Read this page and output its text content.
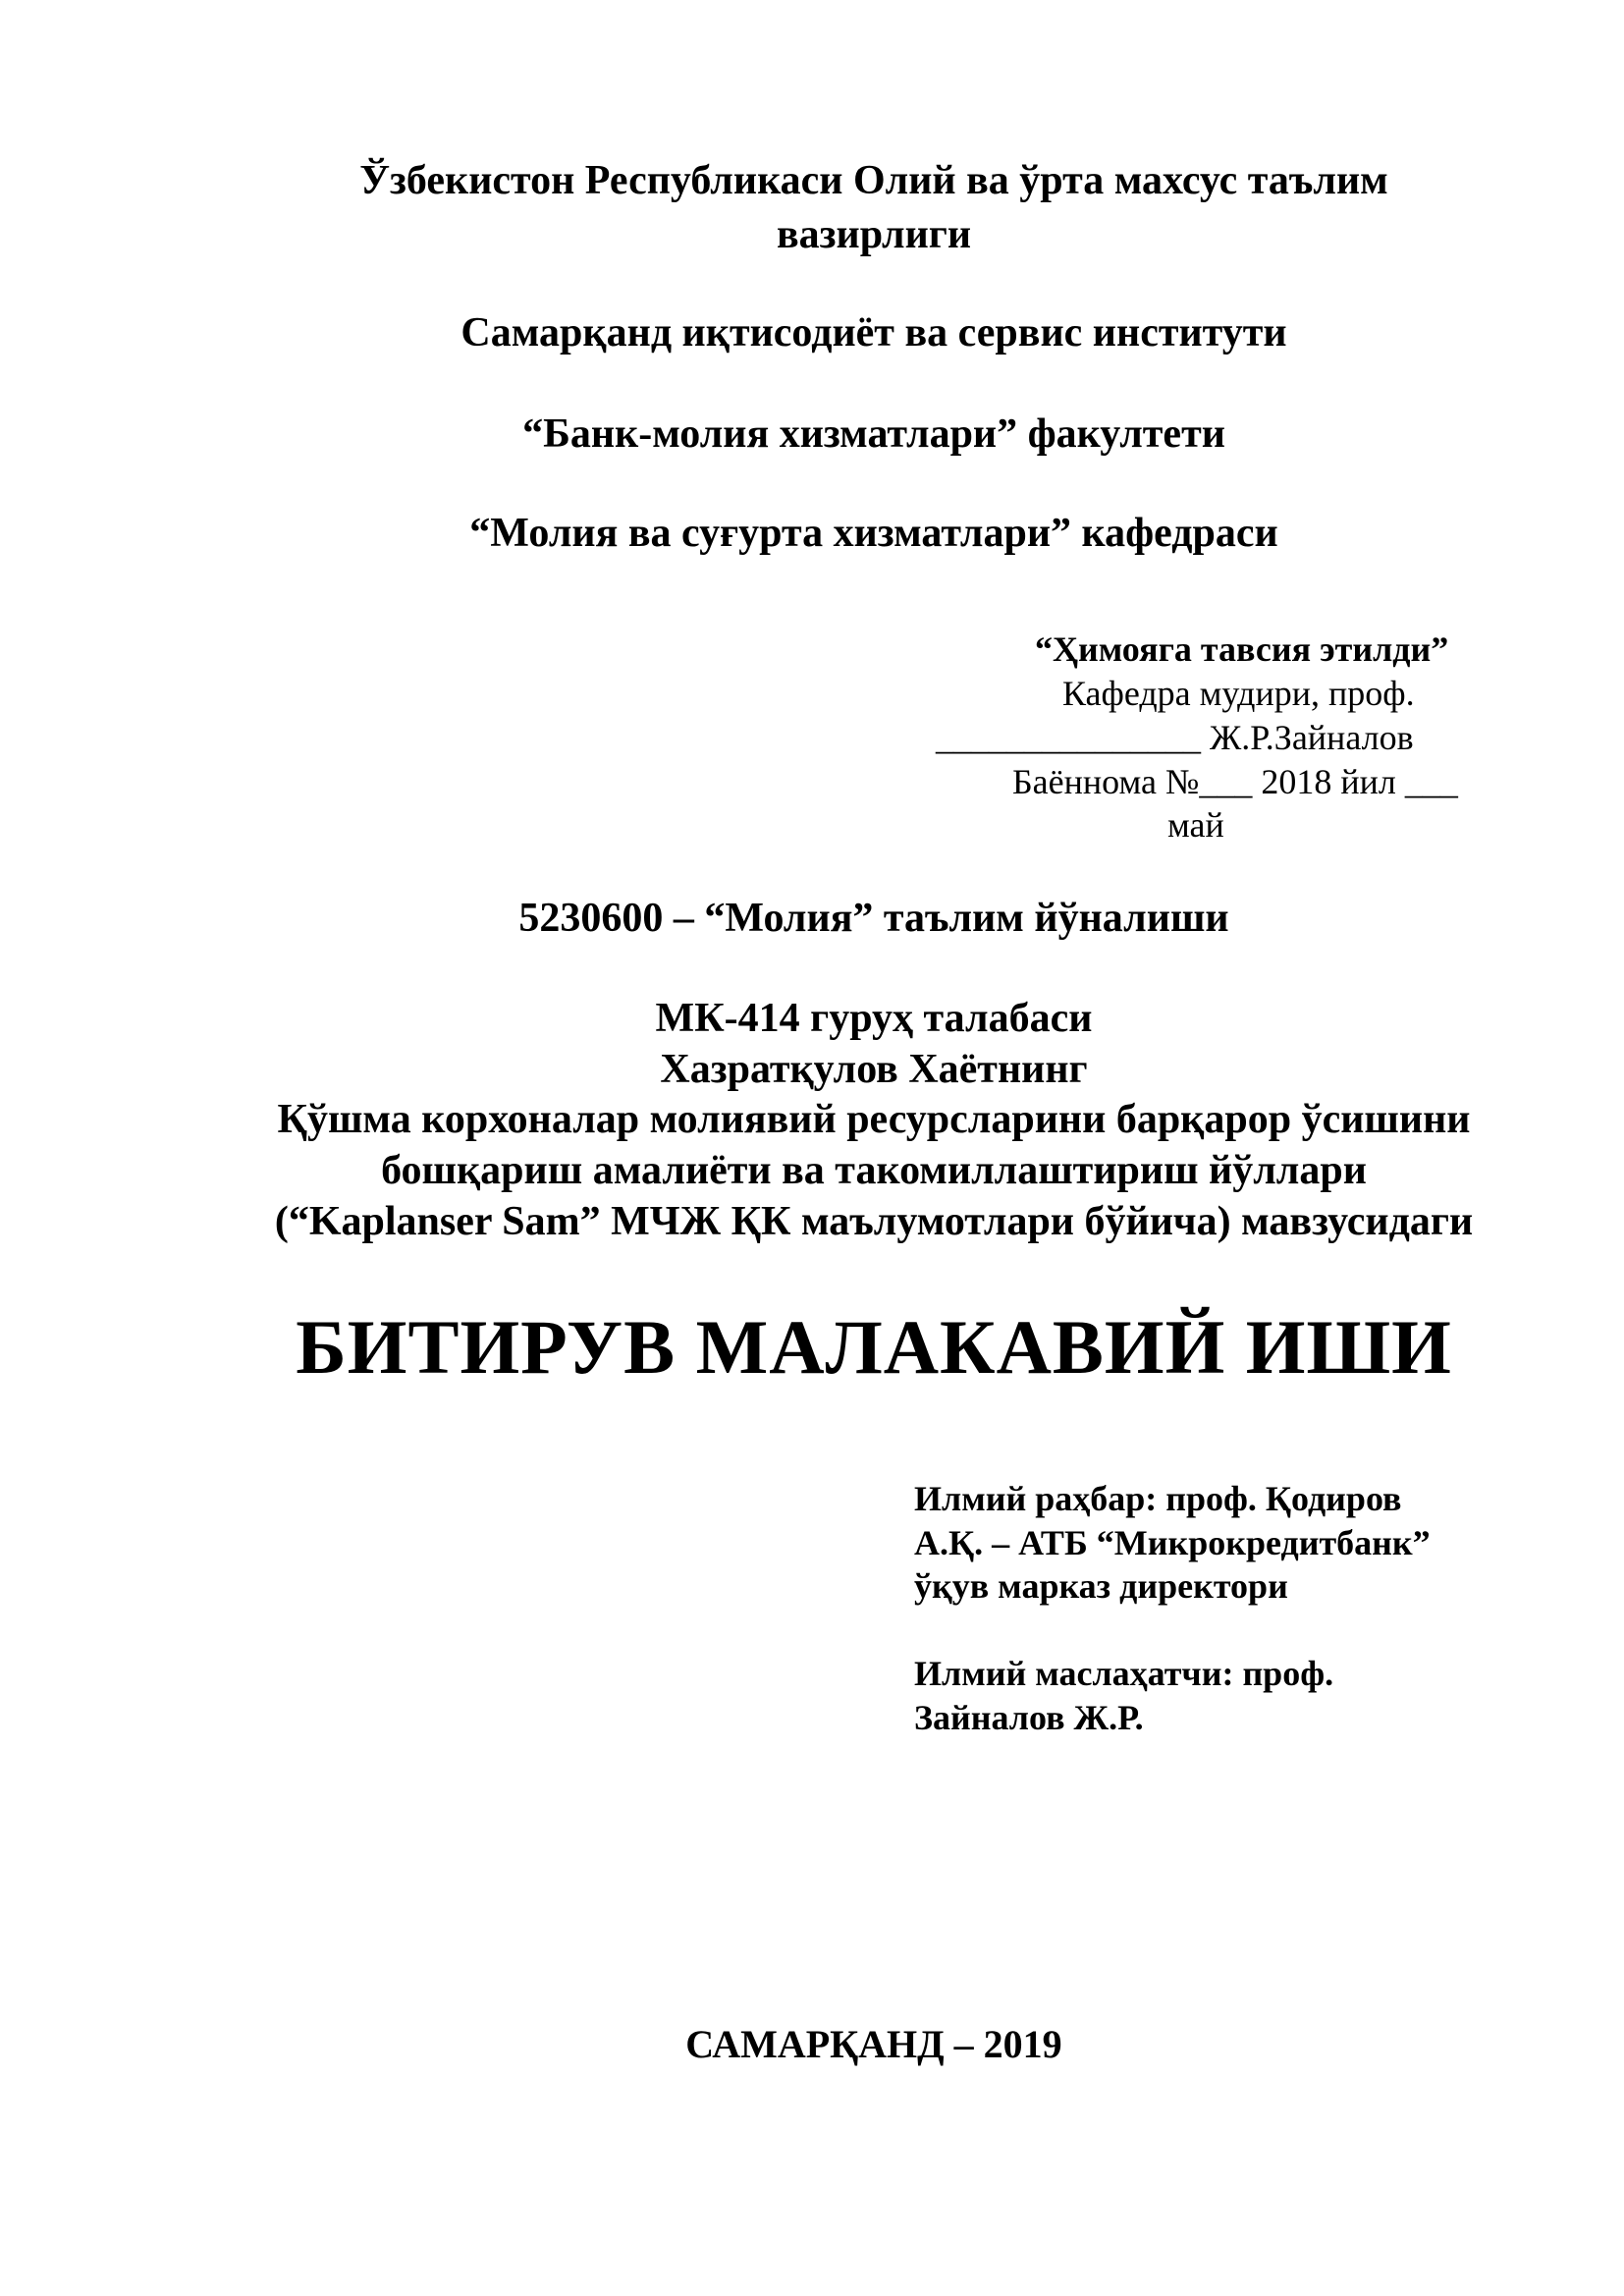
Ўзбекистон Республикаси Олий ва ўрта махсус таълим
вазирлиги
Самарқанд иқтисодиёт ва сервис институти
“Банк-молия хизматлари” факултети
“Молия ва суғурта хизматлари” кафедраси
“Ҳимояга тавсия этилди”
Кафедра мудири, проф.
_______________ Ж.Р.Зайналов
Баённома №___ 2018 йил ___
май
5230600 – “Молия” таълим йўналиши
МК-414 гуруҳ талабаси
Хазратқулов Хаётнинг
Қўшма корхоналар молиявий ресурсларини барқарор ўсишини
бошқариш амалиёти ва такомиллаштириш йўллари
(“Kaplanser Sam” МЧЖ ҚК маълумотлари бўйича) мавзусидаги
БИТИРУВ МАЛАКАВИЙ ИШИ
Илмий раҳбар: проф. Қодиров
А.Қ. – АТБ “Микрокредитбанк”
ўқув марказ директори
Илмий маслаҳатчи: проф.
Зайналов Ж.Р.
САМАРҚАНД – 2019
